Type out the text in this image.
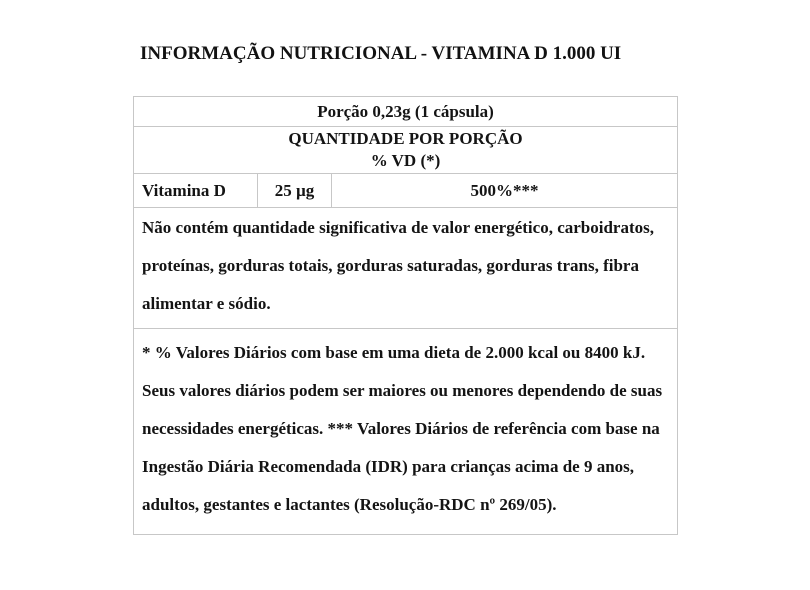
INFORMAÇÃO NUTRICIONAL - VITAMINA D 1.000 UI
Porção 0,23g (1 cápsula)
QUANTIDADE POR PORÇÃO
% VD (*)
Vitamina D	25 µg	500%***
Não contém quantidade significativa de valor energético, carboidratos, proteínas, gorduras totais, gorduras saturadas, gorduras trans, fibra alimentar e sódio.
* % Valores Diários com base em uma dieta de 2.000 kcal ou 8400 kJ. Seus valores diários podem ser maiores ou menores dependendo de suas necessidades energéticas. *** Valores Diários de referência com base na Ingestão Diária Recomendada (IDR) para crianças acima de 9 anos, adultos, gestantes e lactantes (Resolução-RDC nº 269/05).
